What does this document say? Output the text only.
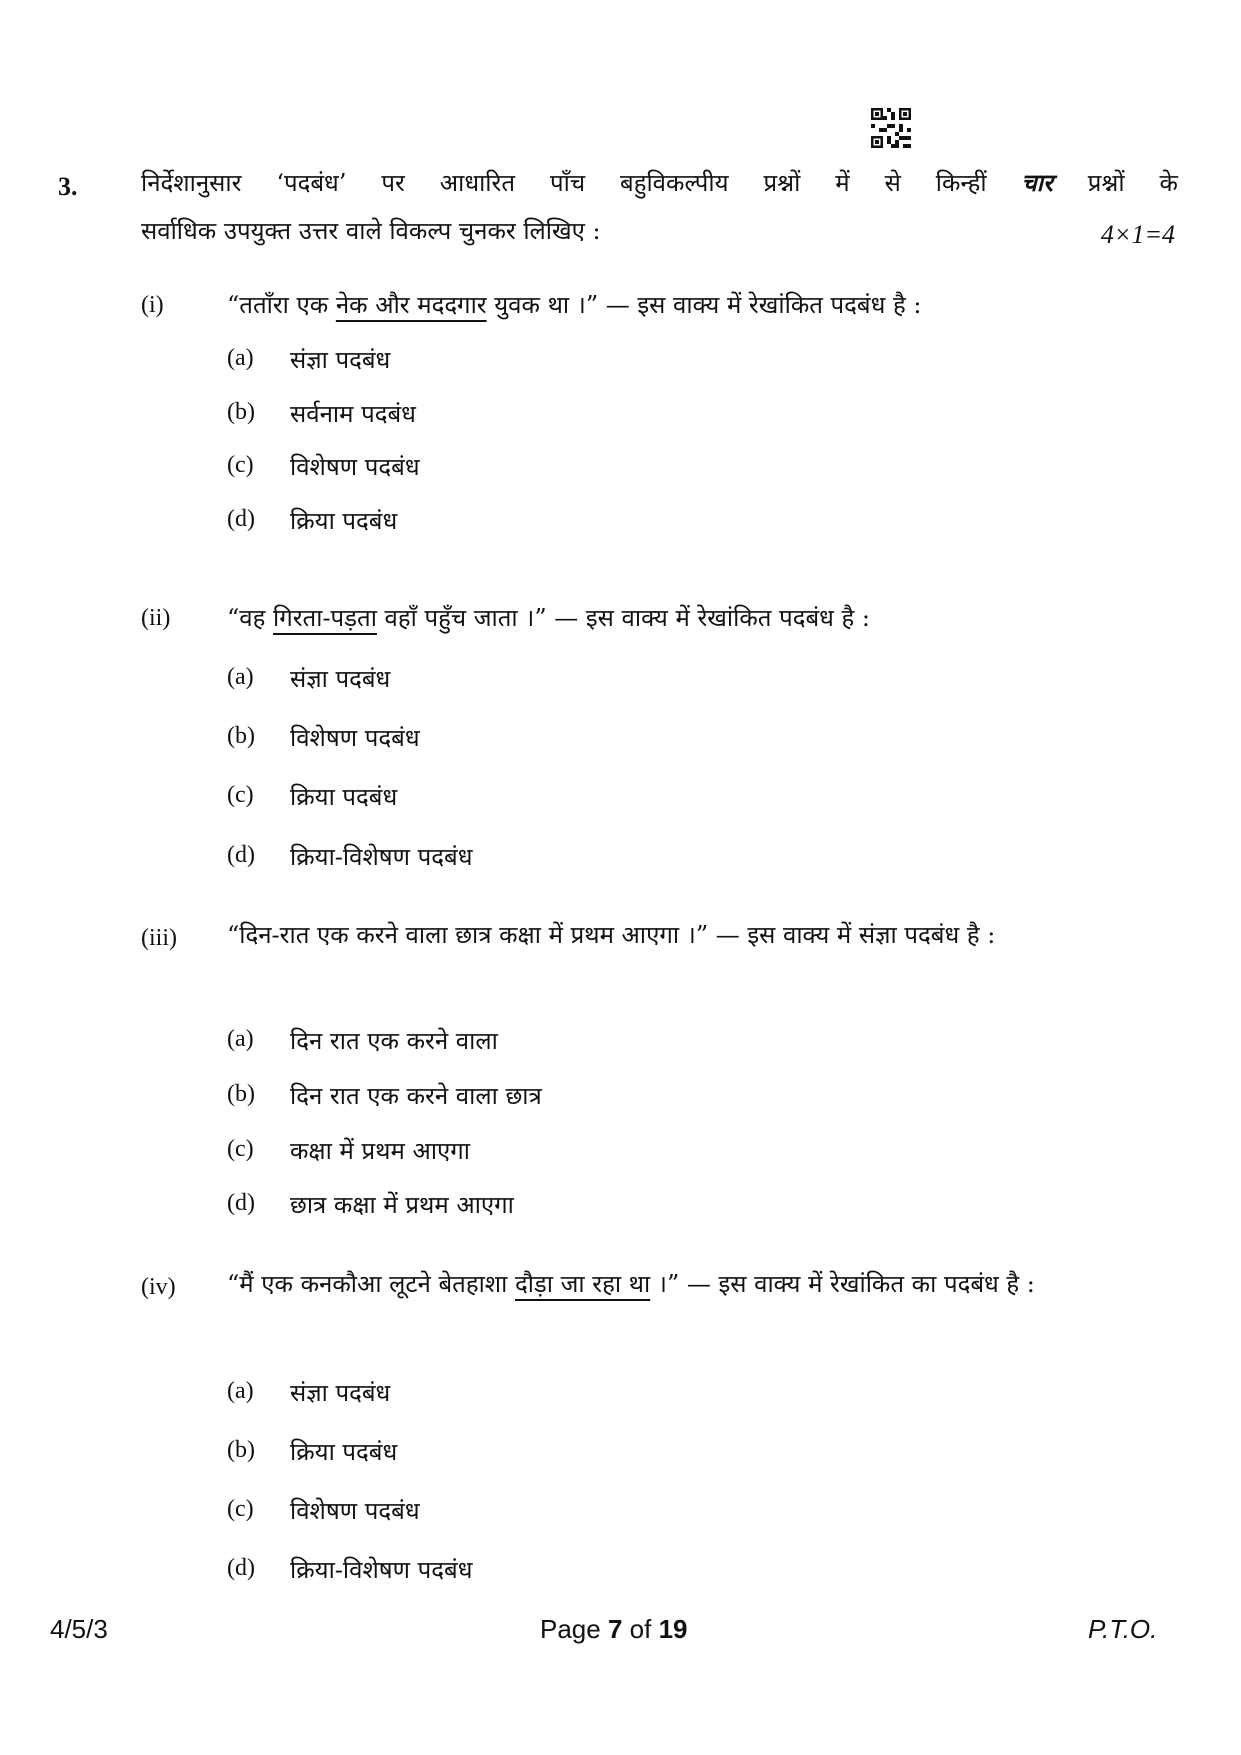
3.	निर्देशानुसार ‘पदबंध’ पर आधारित पाँच बहुविकल्पीय प्रश्नों में से किन्हीं चार प्रश्नों के
सर्वाधिक उपयुक्त उत्तर वाले विकल्प चुनकर लिखिए :	4×1=4
(i)	“तताँरा एक नेक और मददगार युवक था ।” — इस वाक्य में रेखांकित पदबंध है :
(a) संज्ञा पदबंध
(b) सर्वनाम पदबंध
(c) विशेषण पदबंध
(d) क्रिया पदबंध
(ii) “वह गिरता-पड़ता वहाँ पहुँच जाता ।” — इस वाक्य में रेखांकित पदबंध है :
(a) संज्ञा पदबंध
(b) विशेषण पदबंध
(c) क्रिया पदबंध
(d) क्रिया-विशेषण पदबंध
(iii) “दिन-रात एक करने वाला छात्र कक्षा में प्रथम आएगा ।” — इस वाक्य में संज्ञा पदबंध है :
(a) दिन रात एक करने वाला
(b) दिन रात एक करने वाला छात्र
(c) कक्षा में प्रथम आएगा
(d) छात्र कक्षा में प्रथम आएगा
(iv) “मैं एक कनकौआ लूटने बेतहाशा दौड़ा जा रहा था ।” — इस वाक्य में रेखांकित का पदबंध है :
(a) संज्ञा पदबंध
(b) क्रिया पदबंध
(c) विशेषण पदबंध
(d) क्रिया-विशेषण पदबंध
4/5/3	Page 7 of 19	P.T.O.
